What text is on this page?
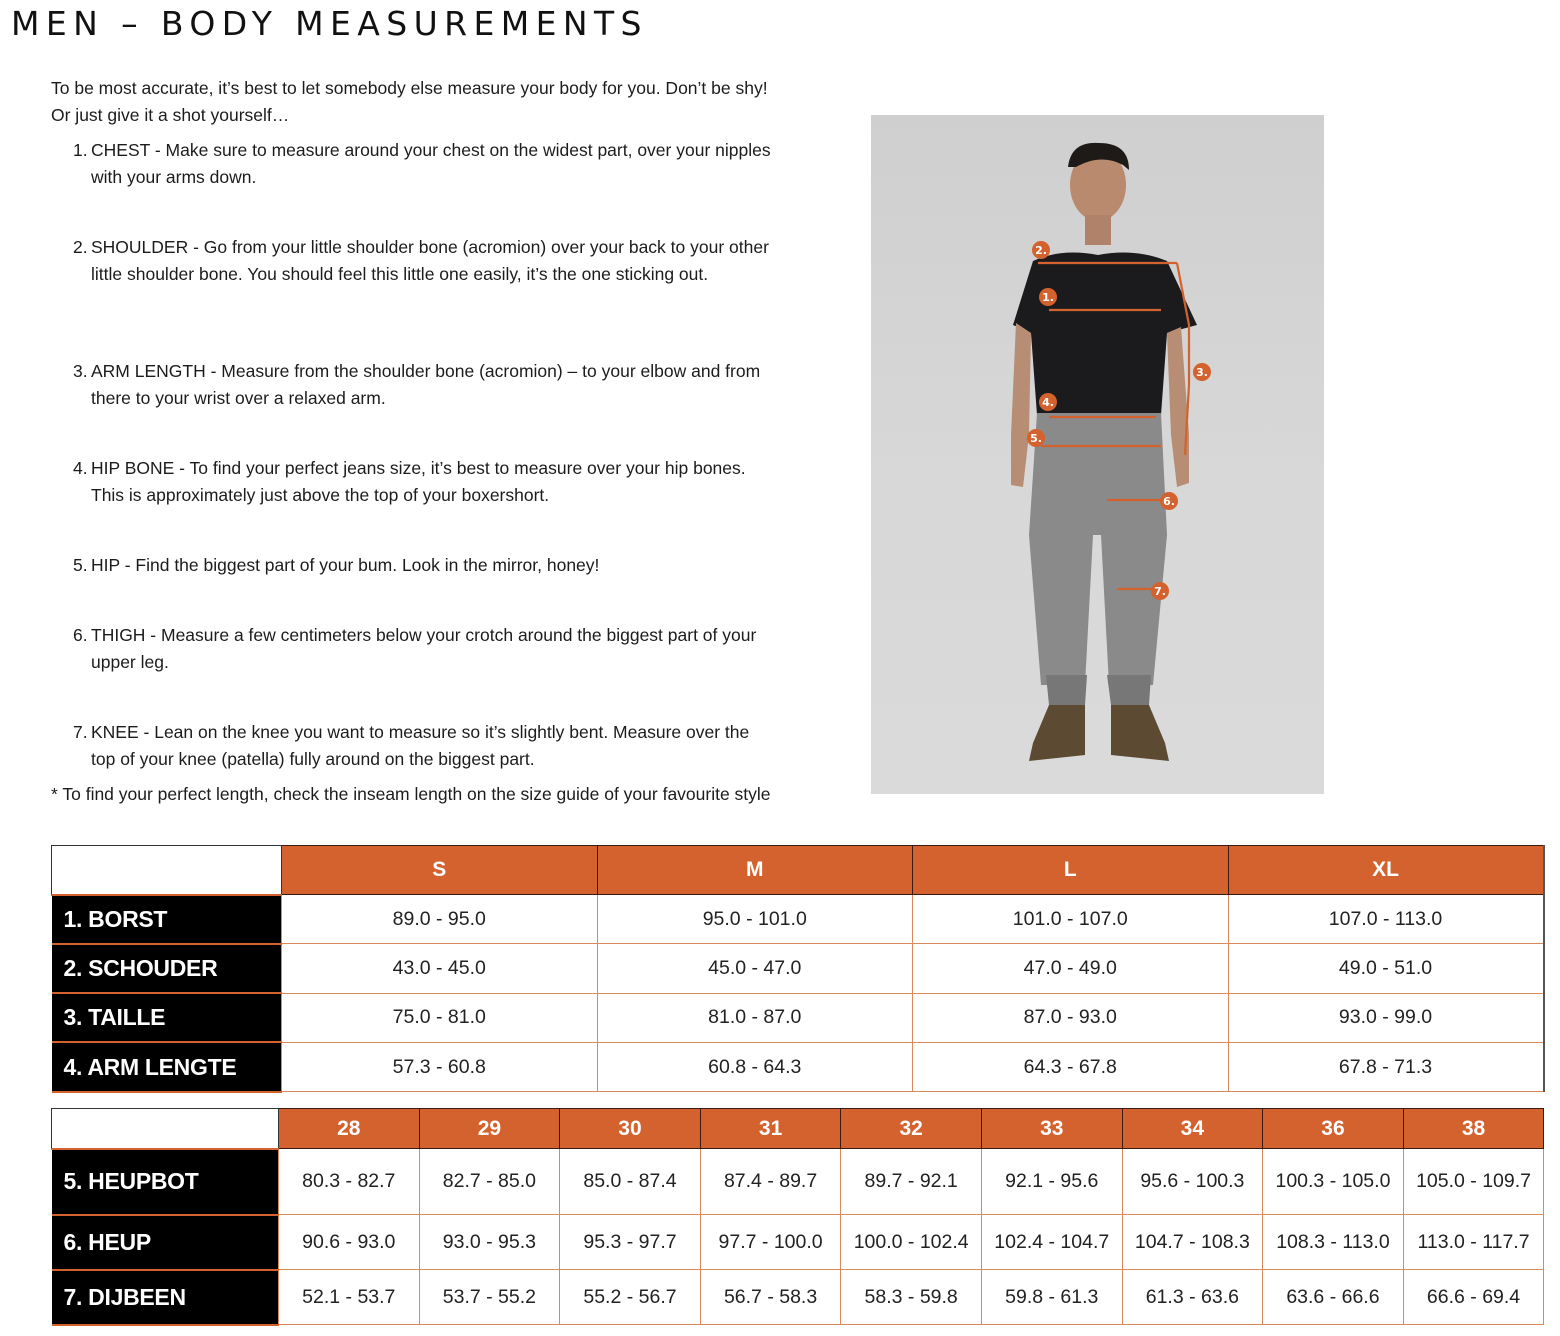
MEN – BODY MEASUREMENTS

To be most accurate, it’s best to let somebody else measure your body for you. Don’t be shy! Or just give it a shot yourself…

1. CHEST - Make sure to measure around your chest on the widest part, over your nipples with your arms down.
2. SHOULDER - Go from your little shoulder bone (acromion) over your back to your other little shoulder bone. You should feel this little one easily, it’s the one sticking out.
3. ARM LENGTH - Measure from the shoulder bone (acromion) – to your elbow and from there to your wrist over a relaxed arm.
4. HIP BONE - To find your perfect jeans size, it’s best to measure over your hip bones. This is approximately just above the top of your boxershort.
5. HIP - Find the biggest part of your bum. Look in the mirror, honey!
6. THIGH - Measure a few centimeters below your crotch around the biggest part of your upper leg.
7. KNEE - Lean on the knee you want to measure so it’s slightly bent. Measure over the top of your knee (patella) fully around on the biggest part.

* To find your perfect length, check the inseam length on the size guide of your favourite style

1.
2.
3.
4.
5.
6.
7.
	S	M	L	XL
1. BORST	89.0 - 95.0	95.0 - 101.0	101.0 - 107.0	107.0 - 113.0
2. SCHOUDER	43.0 - 45.0	45.0 - 47.0	47.0 - 49.0	49.0 - 51.0
3. TAILLE	75.0 - 81.0	81.0 - 87.0	87.0 - 93.0	93.0 - 99.0
4. ARM LENGTE	57.3 - 60.8	60.8 - 64.3	64.3 - 67.8	67.8 - 71.3
	28	29	30	31	32	33	34	36	38
5. HEUPBOT	80.3 - 82.7	82.7 - 85.0	85.0 - 87.4	87.4 - 89.7	89.7 - 92.1	92.1 - 95.6	95.6 - 100.3	100.3 - 105.0	105.0 - 109.7
6. HEUP	90.6 - 93.0	93.0 - 95.3	95.3 - 97.7	97.7 - 100.0	100.0 - 102.4	102.4 - 104.7	104.7 - 108.3	108.3 - 113.0	113.0 - 117.7
7. DIJBEEN	52.1 - 53.7	53.7 - 55.2	55.2 - 56.7	56.7 - 58.3	58.3 - 59.8	59.8 - 61.3	61.3 - 63.6	63.6 - 66.6	66.6 - 69.4
